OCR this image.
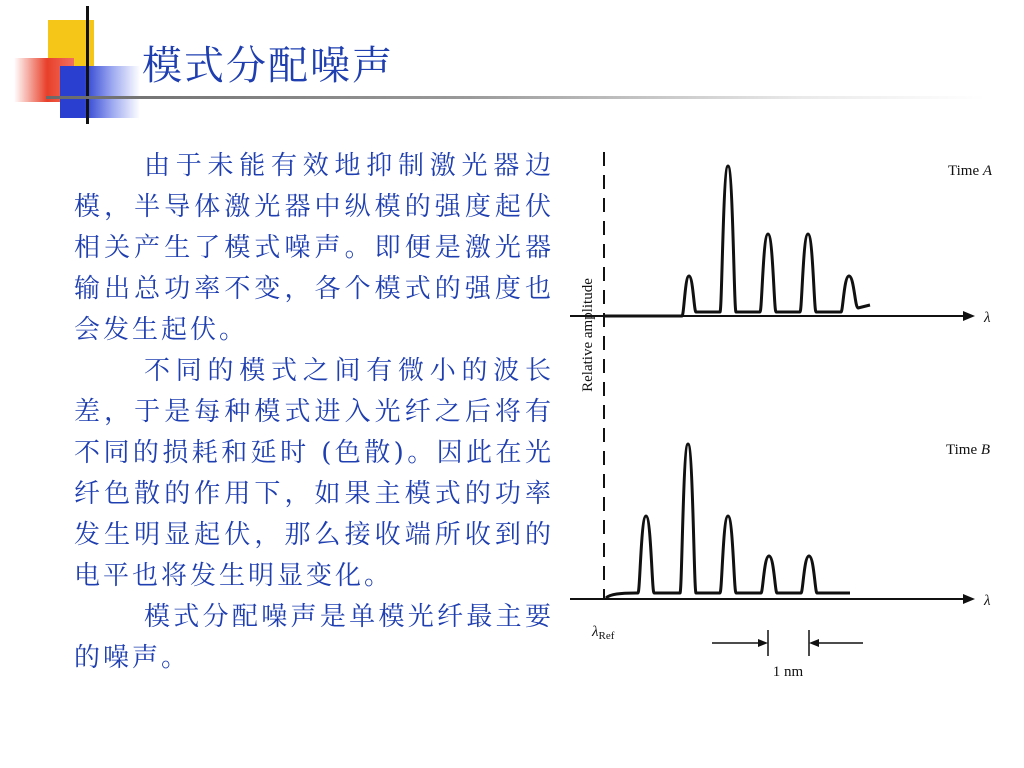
模式分配噪声

由于未能有效地抑制激光器边模，半导体激光器中纵模的强度起伏相关产生了模式噪声。即便是激光器输出总功率不变，各个模式的强度也会发生起伏。

不同的模式之间有微小的波长差，于是每种模式进入光纤之后将有不同的损耗和延时 (色散)。因此在光纤色散的作用下，如果主模式的功率发生明显起伏，那么接收端所收到的电平也将发生明显变化。

模式分配噪声是单模光纤最主要的噪声。

Relative amplitude
Time A
λ
Time B
λ
$\lambda_{Ref}$
1 nm
